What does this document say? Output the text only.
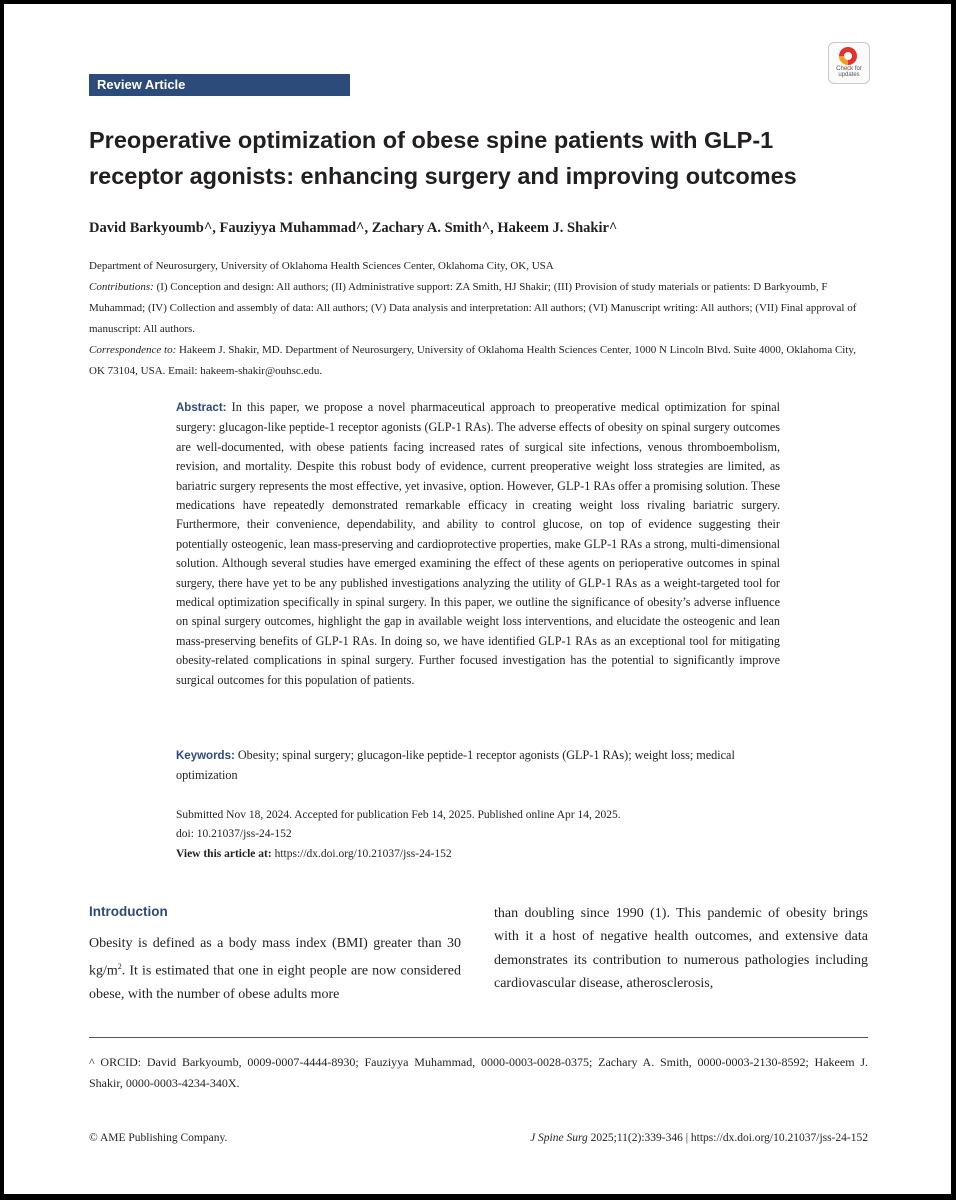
Check for
updates
Review Article
Preoperative optimization of obese spine patients with GLP-1 receptor agonists: enhancing surgery and improving outcomes
David Barkyoumb^, Fauziyya Muhammad^, Zachary A. Smith^, Hakeem J. Shakir^

Department of Neurosurgery, University of Oklahoma Health Sciences Center, Oklahoma City, OK, USA

Contributions: (I) Conception and design: All authors; (II) Administrative support: ZA Smith, HJ Shakir; (III) Provision of study materials or patients: D Barkyoumb, F Muhammad; (IV) Collection and assembly of data: All authors; (V) Data analysis and interpretation: All authors; (VI) Manuscript writing: All authors; (VII) Final approval of manuscript: All authors.

Correspondence to: Hakeem J. Shakir, MD. Department of Neurosurgery, University of Oklahoma Health Sciences Center, 1000 N Lincoln Blvd. Suite 4000, Oklahoma City, OK 73104, USA. Email: hakeem-shakir@ouhsc.edu.

Abstract: In this paper, we propose a novel pharmaceutical approach to preoperative medical optimization for spinal surgery: glucagon-like peptide-1 receptor agonists (GLP-1 RAs). The adverse effects of obesity on spinal surgery outcomes are well-documented, with obese patients facing increased rates of surgical site infections, venous thromboembolism, revision, and mortality. Despite this robust body of evidence, current preoperative weight loss strategies are limited, as bariatric surgery represents the most effective, yet invasive, option. However, GLP-1 RAs offer a promising solution. These medications have repeatedly demonstrated remarkable efficacy in creating weight loss rivaling bariatric surgery. Furthermore, their convenience, dependability, and ability to control glucose, on top of evidence suggesting their potentially osteogenic, lean mass-preserving and cardioprotective properties, make GLP-1 RAs a strong, multi-dimensional solution. Although several studies have emerged examining the effect of these agents on perioperative outcomes in spinal surgery, there have yet to be any published investigations analyzing the utility of GLP-1 RAs as a weight-targeted tool for medical optimization specifically in spinal surgery. In this paper, we outline the significance of obesity’s adverse influence on spinal surgery outcomes, highlight the gap in available weight loss interventions, and elucidate the osteogenic and lean mass-preserving benefits of GLP-1 RAs. In doing so, we have identified GLP-1 RAs as an exceptional tool for mitigating obesity-related complications in spinal surgery. Further focused investigation has the potential to significantly improve surgical outcomes for this population of patients.

Keywords: Obesity; spinal surgery; glucagon-like peptide-1 receptor agonists (GLP-1 RAs); weight loss; medical optimization

Submitted Nov 18, 2024. Accepted for publication Feb 14, 2025. Published online Apr 14, 2025.
doi: 10.21037/jss-24-152
View this article at: https://dx.doi.org/10.21037/jss-24-152
Introduction

Obesity is defined as a body mass index (BMI) greater than 30 $kg/m^2$. It is estimated that one in eight people are now considered obese, with the number of obese adults more

than doubling since 1990 (1). This pandemic of obesity brings with it a host of negative health outcomes, and extensive data demonstrates its contribution to numerous pathologies including cardiovascular disease, atherosclerosis,

^ ORCID: David Barkyoumb, 0009-0007-4444-8930; Fauziyya Muhammad, 0000-0003-0028-0375; Zachary A. Smith, 0000-0003-2130-8592; Hakeem J. Shakir, 0000-0003-4234-340X.

© AME Publishing Company.	J Spine Surg 2025;11(2):339-346 | https://dx.doi.org/10.21037/jss-24-152
